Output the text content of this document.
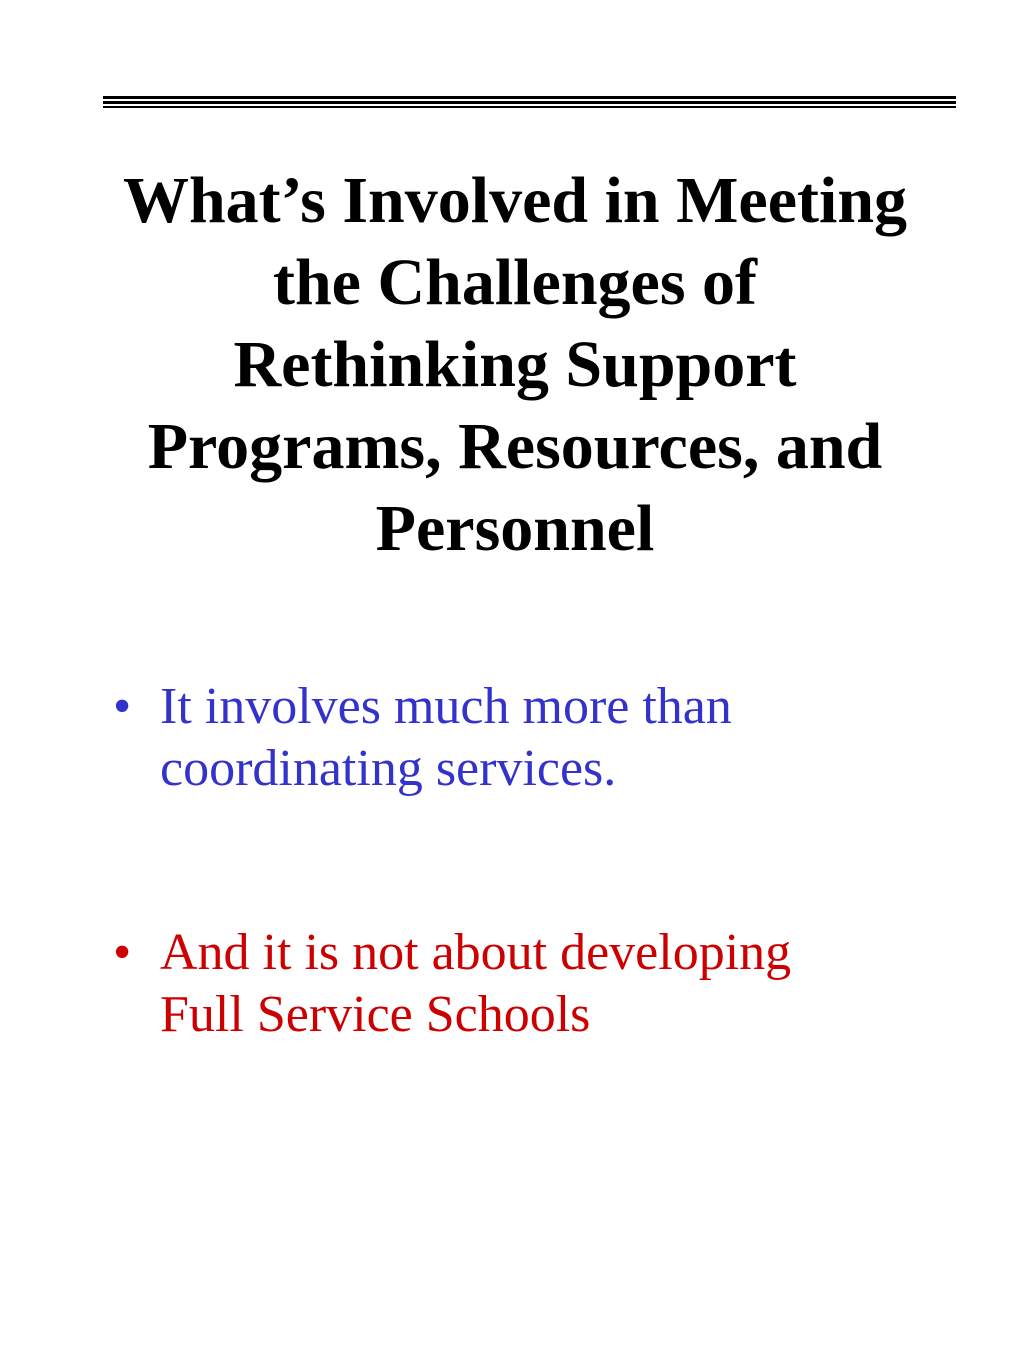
What’s Involved in Meeting
the Challenges of
Rethinking Support
Programs, Resources, and
Personnel
• It involves much more than
coordinating services.
• And it is not about developing
Full Service Schools
